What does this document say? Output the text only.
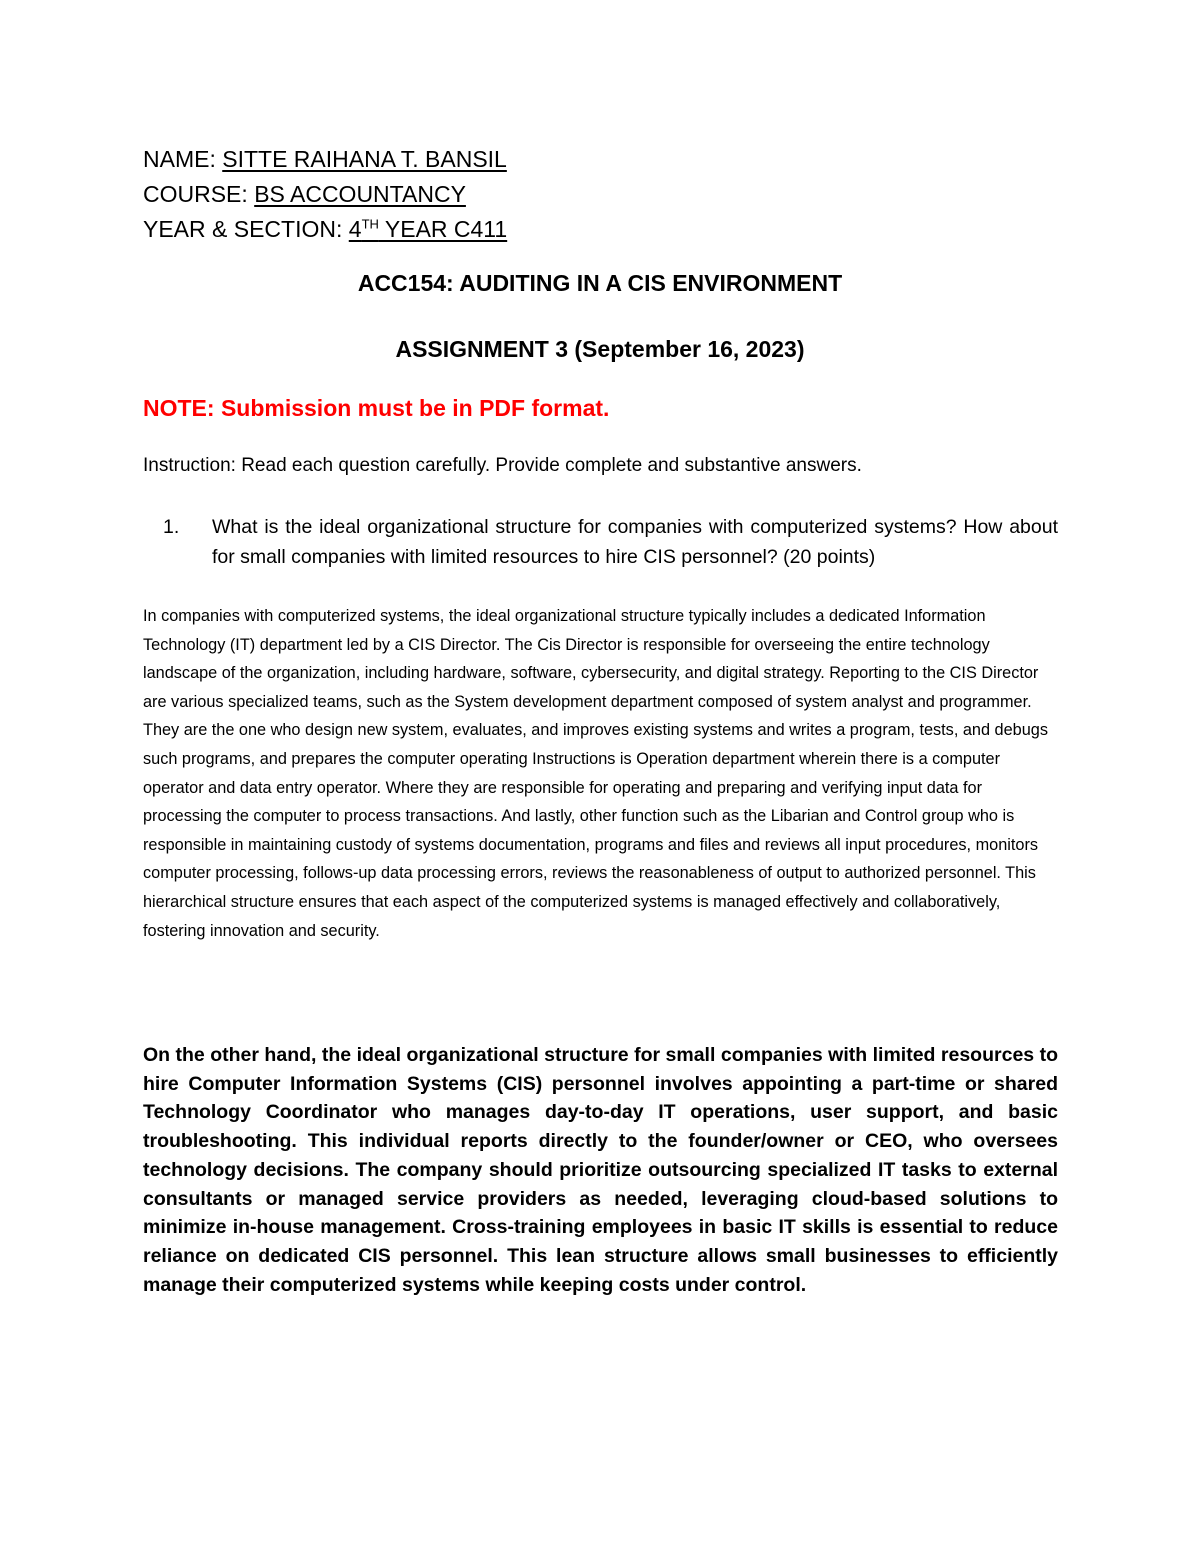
NAME: SITTE RAIHANA T. BANSIL
COURSE: BS ACCOUNTANCY
YEAR & SECTION: 4TH YEAR C411
ACC154: AUDITING IN A CIS ENVIRONMENT
ASSIGNMENT 3 (September 16, 2023)
NOTE: Submission must be in PDF format.
Instruction: Read each question carefully. Provide complete and substantive answers.
1. What is the ideal organizational structure for companies with computerized systems? How about for small companies with limited resources to hire CIS personnel? (20 points)
In companies with computerized systems, the ideal organizational structure typically includes a dedicated Information Technology (IT) department led by a CIS Director. The Cis Director is responsible for overseeing the entire technology landscape of the organization, including hardware, software, cybersecurity, and digital strategy. Reporting to the CIS Director are various specialized teams, such as the System development department composed of system analyst and programmer. They are the one who design new system, evaluates, and improves existing systems and writes a program, tests, and debugs such programs, and prepares the computer operating Instructions is Operation department wherein there is a computer operator and data entry operator. Where they are responsible for operating and preparing and verifying input data for processing the computer to process transactions. And lastly, other function such as the Libarian and Control group who is responsible in maintaining custody of systems documentation, programs and files and reviews all input procedures, monitors computer processing, follows-up data processing errors, reviews the reasonableness of output to authorized personnel. This hierarchical structure ensures that each aspect of the computerized systems is managed effectively and collaboratively, fostering innovation and security.
On the other hand, the ideal organizational structure for small companies with limited resources to hire Computer Information Systems (CIS) personnel involves appointing a part-time or shared Technology Coordinator who manages day-to-day IT operations, user support, and basic troubleshooting. This individual reports directly to the founder/owner or CEO, who oversees technology decisions. The company should prioritize outsourcing specialized IT tasks to external consultants or managed service providers as needed, leveraging cloud-based solutions to minimize in-house management. Cross-training employees in basic IT skills is essential to reduce reliance on dedicated CIS personnel. This lean structure allows small businesses to efficiently manage their computerized systems while keeping costs under control.
